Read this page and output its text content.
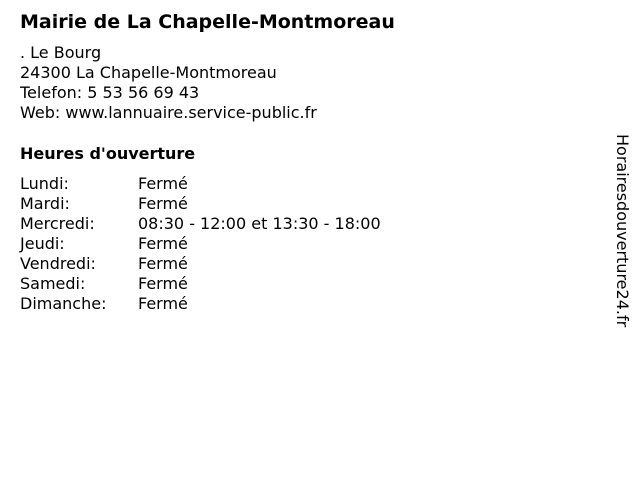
Mairie de La Chapelle-Montmoreau
. Le Bourg
24300 La Chapelle-Montmoreau
Telefon: 5 53 56 69 43
Web: www.lannuaire.service-public.fr
Heures d'ouverture
Lundi:	Fermé
Mardi:	Fermé
Mercredi:	08:30 - 12:00 et 13:30 - 18:00
Jeudi:	Fermé
Vendredi:	Fermé
Samedi:	Fermé
Dimanche:	Fermé	Horairesdouverture24.fr
